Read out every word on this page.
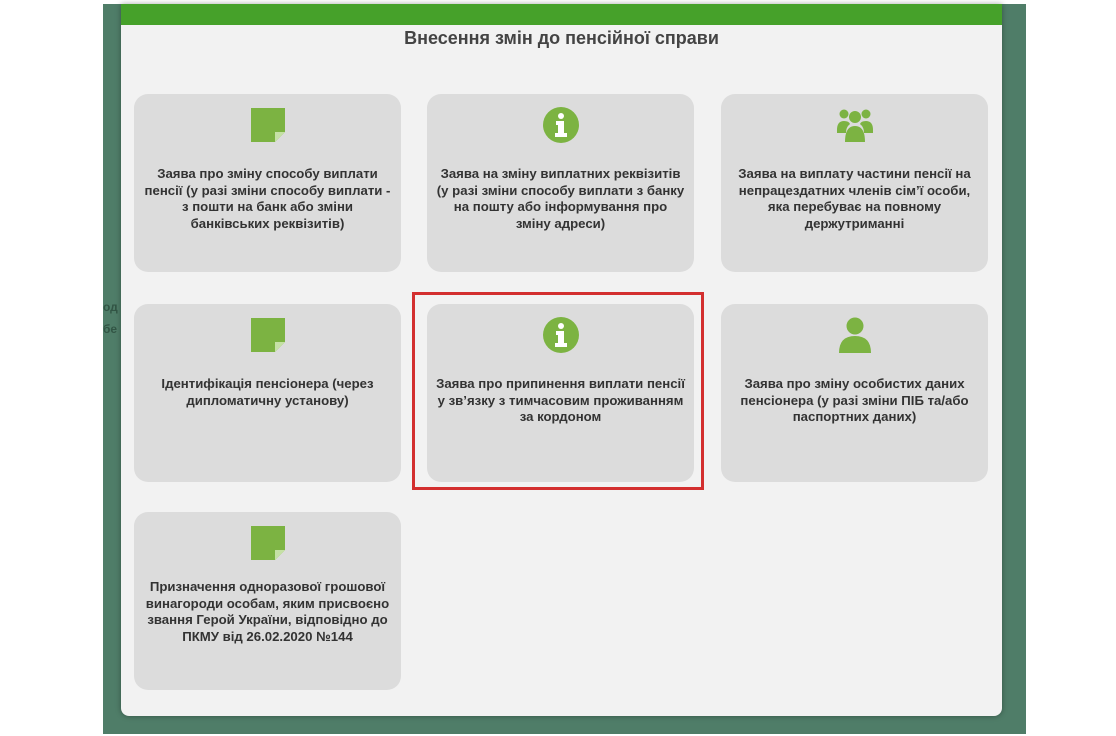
од
бе
Внесення змін до пенсійної справи
Заява про зміну способу виплати пенсії (у разі зміни способу виплати - з пошти на банк або зміни банківських реквізитів)
Заява на зміну виплатних реквізитів (у разі зміни способу виплати з банку на пошту або інформування про зміну адреси)
Заява на виплату частини пенсії на непрацездатних членів сім’ї особи, яка перебуває на повному держутриманні
Ідентифікація пенсіонера (через дипломатичну установу)
Заява про припинення виплати пенсії у зв’язку з тимчасовим проживанням за кордоном
Заява про зміну особистих даних пенсіонера (у разі зміни ПІБ та/або паспортних даних)
Призначення одноразової грошової винагороди особам, яким присвоєно звання Герой України, відповідно до ПКМУ від 26.02.2020 №144
